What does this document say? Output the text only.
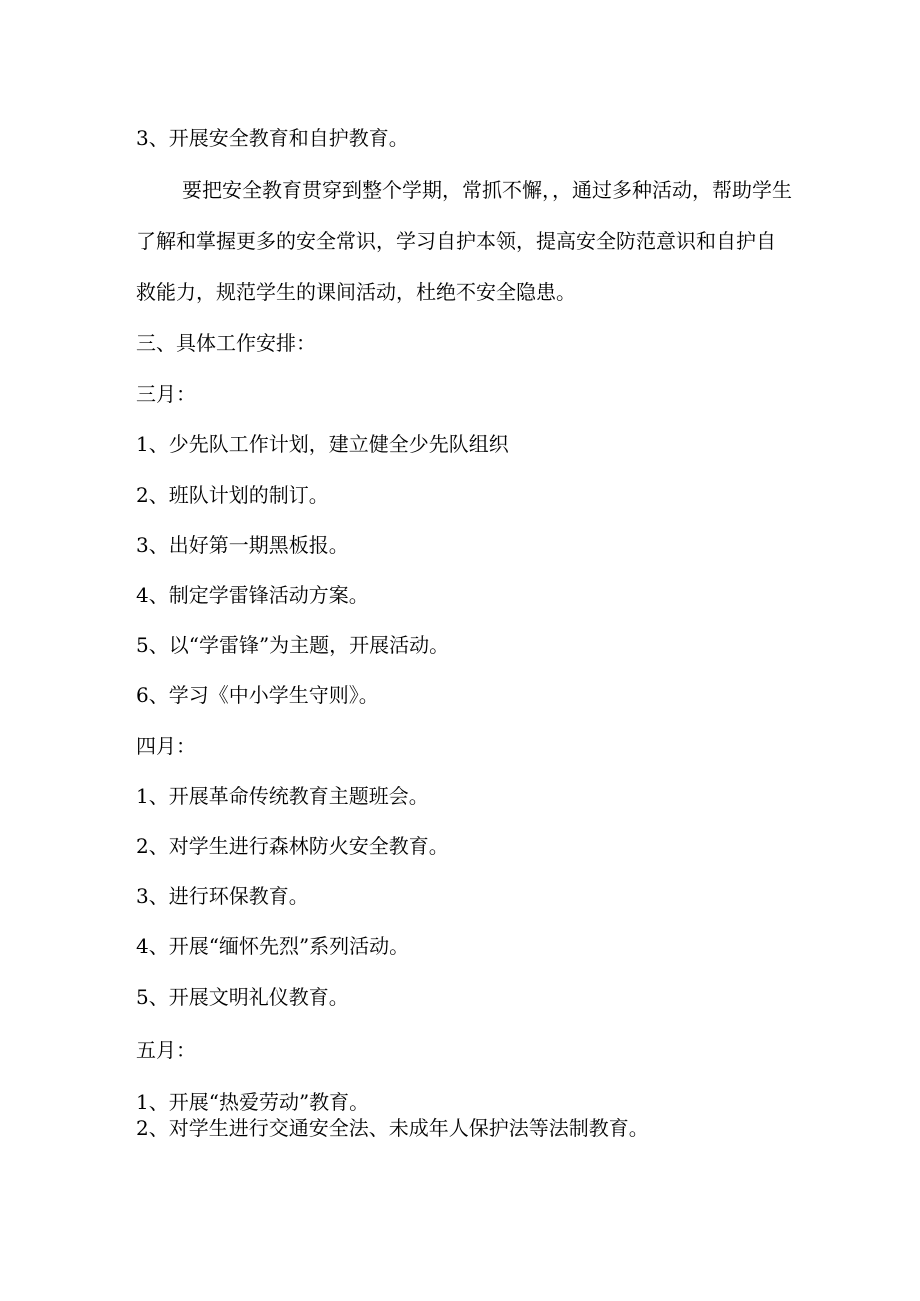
3、开展安全教育和自护教育。
要把安全教育贯穿到整个学期，常抓不懈，，通过多种活动，帮助学生
了解和掌握更多的安全常识，学习自护本领，提高安全防范意识和自护自
救能力，规范学生的课间活动，杜绝不安全隐患。
三、具体工作安排：
三月：
1、少先队工作计划，建立健全少先队组织
2、班队计划的制订。
3、出好第一期黑板报。
4、制定学雷锋活动方案。
5、以“学雷锋”为主题，开展活动。
6、学习《中小学生守则》。
四月：
1、开展革命传统教育主题班会。
2、对学生进行森林防火安全教育。
3、进行环保教育。
4、开展“缅怀先烈”系列活动。
5、开展文明礼仪教育。
五月：
1、开展“热爱劳动”教育。
2、对学生进行交通安全法、未成年人保护法等法制教育。
